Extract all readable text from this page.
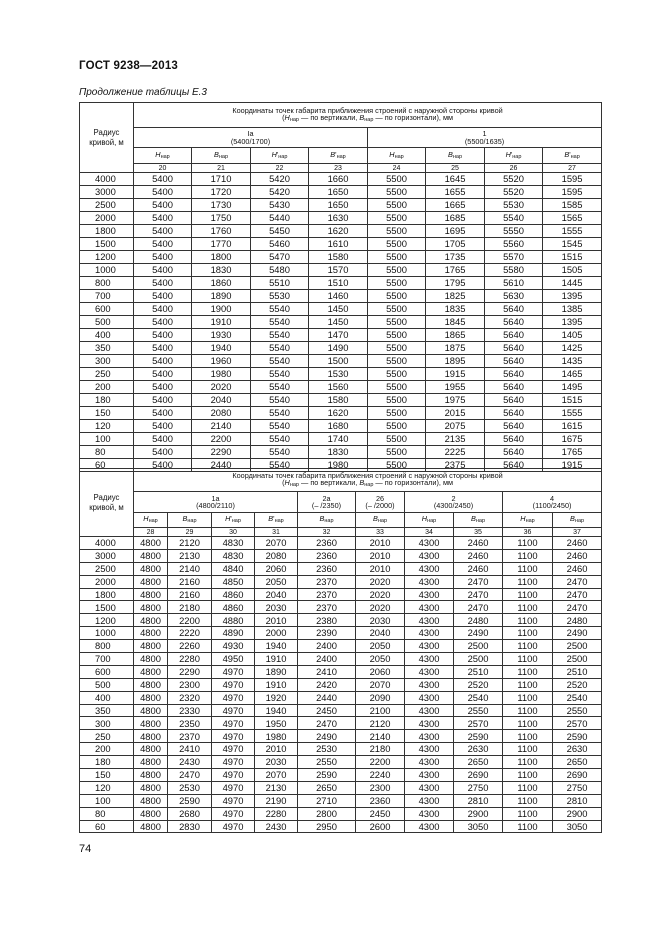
ГОСТ 9238—2013
Продолжение таблицы Е.3
Радиус кривой, м	Координаты точек габарита приближения строений с наружной стороны кривой
(Hнар — по вертикали, Bнар — по горизонтали), мм							
	Ia
(5400/1700)				1
(5500/1635)			
	Hнар	Bнар	H'нар	B'нар	Hнар	Bнар	H'нар	B'нар
	20	21	22	23	24	25	26	27
4000	5400	1710	5420	1660	5500	1645	5520	1595
3000	5400	1720	5420	1650	5500	1655	5520	1595
2500	5400	1730	5430	1650	5500	1665	5530	1585
2000	5400	1750	5440	1630	5500	1685	5540	1565
1800	5400	1760	5450	1620	5500	1695	5550	1555
1500	5400	1770	5460	1610	5500	1705	5560	1545
1200	5400	1800	5470	1580	5500	1735	5570	1515
1000	5400	1830	5480	1570	5500	1765	5580	1505
800	5400	1860	5510	1510	5500	1795	5610	1445
700	5400	1890	5530	1460	5500	1825	5630	1395
600	5400	1900	5540	1450	5500	1835	5640	1385
500	5400	1910	5540	1450	5500	1845	5640	1395
400	5400	1930	5540	1470	5500	1865	5640	1405
350	5400	1940	5540	1490	5500	1875	5640	1425
300	5400	1960	5540	1500	5500	1895	5640	1435
250	5400	1980	5540	1530	5500	1915	5640	1465
200	5400	2020	5540	1560	5500	1955	5640	1495
180	5400	2040	5540	1580	5500	1975	5640	1515
150	5400	2080	5540	1620	5500	2015	5640	1555
120	5400	2140	5540	1680	5500	2075	5640	1615
100	5400	2200	5540	1740	5500	2135	5640	1675
80	5400	2290	5540	1830	5500	2225	5640	1765
60	5400	2440	5540	1980	5500	2375	5640	1915
Радиус кривой, м	Координаты точек габарита приближения строений с наружной стороны кривой
(Hнар — по вертикали, Bнар — по горизонтали), мм									
	1a
(4800/2110)				2a
(– /2350)	26
(– /2000)	2
(4300/2450)		4
(1100/2450)	
	Hнар	Bнар	H'нар	B'нар	Bнар	Bнар	Hнар	Bнар	Hнар	Bнар
	28	29	30	31	32	33	34	35	36	37
4000	4800	2120	4830	2070	2360	2010	4300	2460	1100	2460
3000	4800	2130	4830	2080	2360	2010	4300	2460	1100	2460
2500	4800	2140	4840	2060	2360	2010	4300	2460	1100	2460
2000	4800	2160	4850	2050	2370	2020	4300	2470	1100	2470
1800	4800	2160	4860	2040	2370	2020	4300	2470	1100	2470
1500	4800	2180	4860	2030	2370	2020	4300	2470	1100	2470
1200	4800	2200	4880	2010	2380	2030	4300	2480	1100	2480
1000	4800	2220	4890	2000	2390	2040	4300	2490	1100	2490
800	4800	2260	4930	1940	2400	2050	4300	2500	1100	2500
700	4800	2280	4950	1910	2400	2050	4300	2500	1100	2500
600	4800	2290	4970	1890	2410	2060	4300	2510	1100	2510
500	4800	2300	4970	1910	2420	2070	4300	2520	1100	2520
400	4800	2320	4970	1920	2440	2090	4300	2540	1100	2540
350	4800	2330	4970	1940	2450	2100	4300	2550	1100	2550
300	4800	2350	4970	1950	2470	2120	4300	2570	1100	2570
250	4800	2370	4970	1980	2490	2140	4300	2590	1100	2590
200	4800	2410	4970	2010	2530	2180	4300	2630	1100	2630
180	4800	2430	4970	2030	2550	2200	4300	2650	1100	2650
150	4800	2470	4970	2070	2590	2240	4300	2690	1100	2690
120	4800	2530	4970	2130	2650	2300	4300	2750	1100	2750
100	4800	2590	4970	2190	2710	2360	4300	2810	1100	2810
80	4800	2680	4970	2280	2800	2450	4300	2900	1100	2900
60	4800	2830	4970	2430	2950	2600	4300	3050	1100	3050
74
